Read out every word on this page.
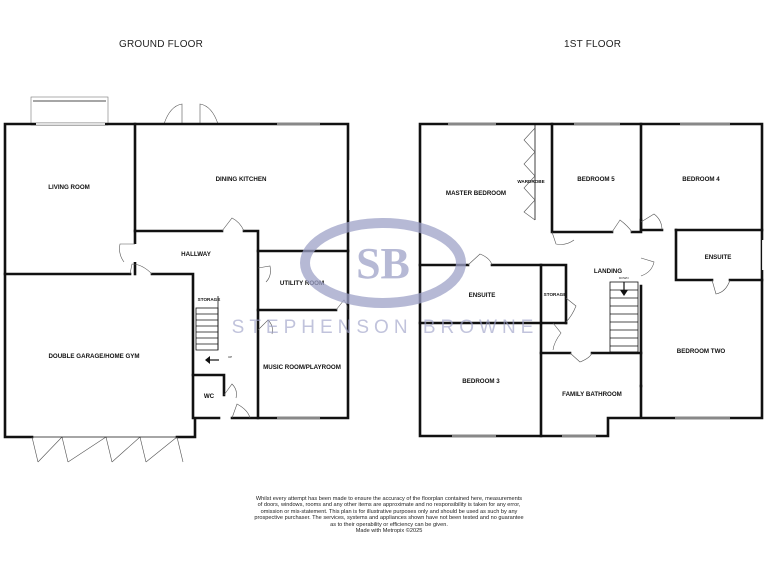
GROUND FLOOR	1ST FLOOR
LIVING ROOM
DINING KITCHEN
HALLWAY
UTILITY ROOM
STORAGE
DOUBLE GARAGE/HOME GYM
MUSIC ROOM/PLAYROOM
WC
UP
MASTER BEDROOM
WARDROBE	BEDROOM 5	BEDROOM 4
LANDING
DOWN
ENSUITE
ENSUITE	STORAGE
BEDROOM TWO
BEDROOM 3
FAMILY BATHROOM
SB
STEPHENSON BROWNE
Whilst every attempt has been made to ensure the accuracy of the floorplan contained here, measurements
of doors, windows, rooms and any other items are approximate and no responsibility is taken for any error,
omission or mis-statement. This plan is for illustrative purposes only and should be used as such by any
prospective purchaser. The services, systems and appliances shown have not been tested and no guarantee
as to their operability or efficiency can be given.
Made with Metropix ©2025
